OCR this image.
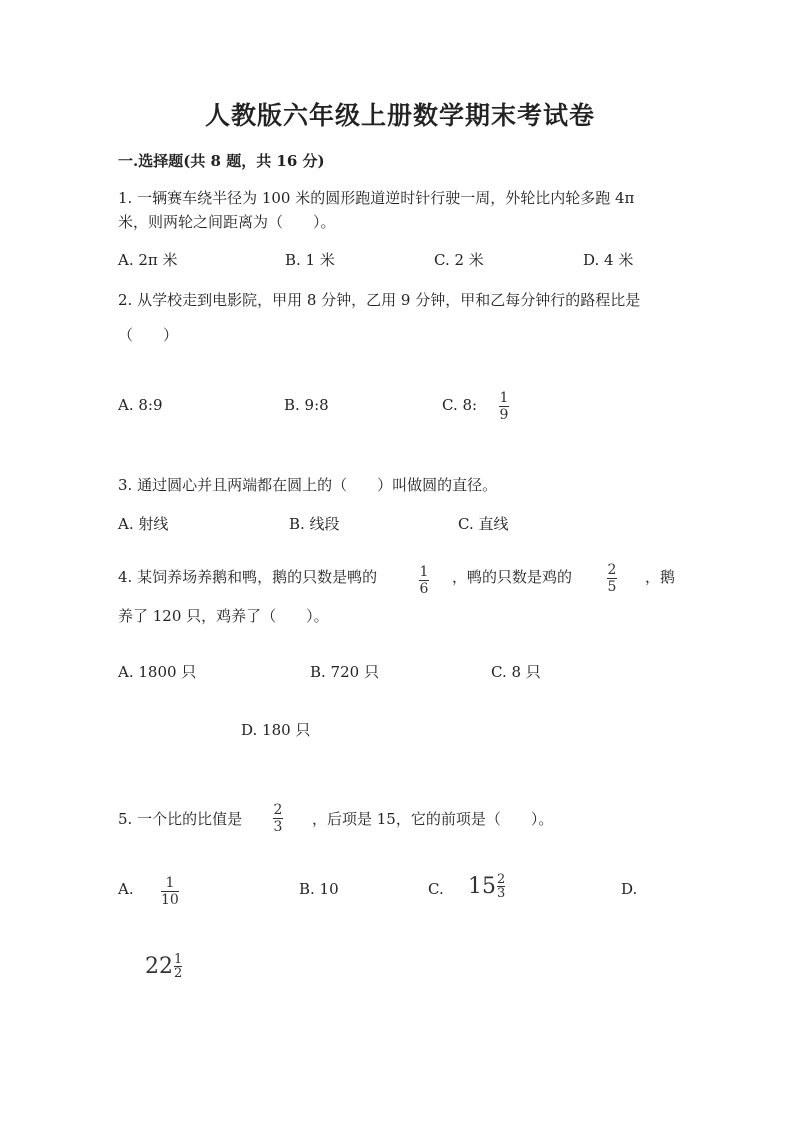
人教版六年级上册数学期末考试卷
一.选择题(共 8 题，共 16 分)
1. 一辆赛车绕半径为 100 米的圆形跑道逆时针行驶一周，外轮比内轮多跑 4π
米，则两轮之间距离为（　　）。
A. 2π 米	B. 1 米	C. 2 米	D. 4 米
2. 从学校走到电影院，甲用 8 分钟，乙用 9 分钟，甲和乙每分钟行的路程比是
（　　）
A. 8:9	B. 9:8	C. 8: 1
9
3. 通过圆心并且两端都在圆上的（　　）叫做圆的直径。
A. 射线	B. 线段	C. 直线
4. 某饲养场养鹅和鸭，鹅的只数是鸭的	1
6
，鸭的只数是鸡的	2
5
，鹅
养了 120 只，鸡养了（　　）。
A. 1800 只	B. 720 只	C. 8 只
D. 180 只
5. 一个比的比值是 2
3 ，后项是 15，它的前项是（　　）。
A. 1
10
B. 10	C. 15 2
3	D.
22 1
2
